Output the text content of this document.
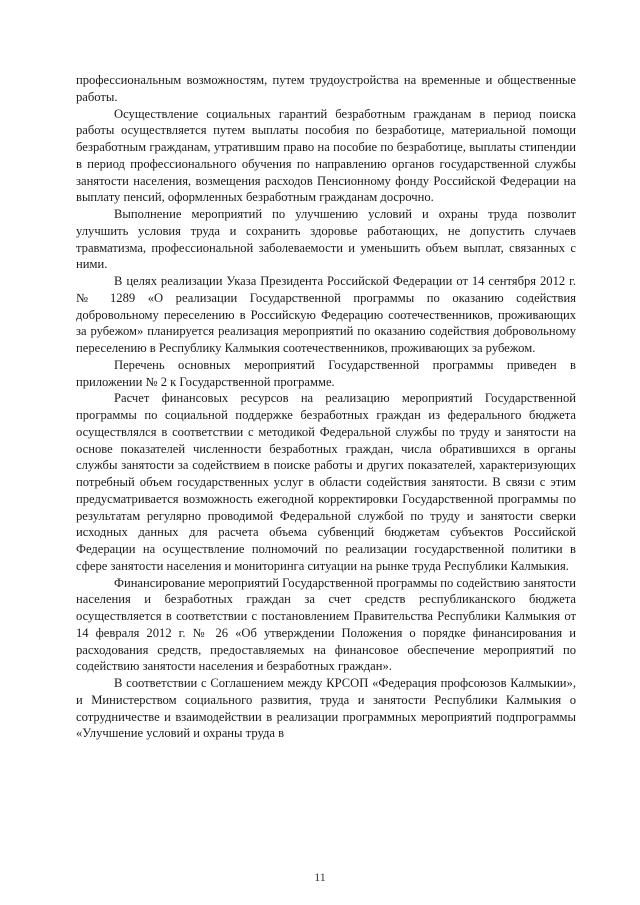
профессиональным возможностям, путем трудоустройства на временные и общественные работы.

Осуществление социальных гарантий безработным гражданам в период поиска работы осуществляется путем выплаты пособия по безработице, материальной помощи безработным гражданам, утратившим право на пособие по безработице, выплаты стипендии в период профессионального обучения по направлению органов государственной службы занятости населения, возмещения расходов Пенсионному фонду Российской Федерации на выплату пенсий, оформленных безработным гражданам досрочно.

Выполнение мероприятий по улучшению условий и охраны труда позволит улучшить условия труда и сохранить здоровье работающих, не допустить случаев травматизма, профессиональной заболеваемости и уменьшить объем выплат, связанных с ними.

В целях реализации Указа Президента Российской Федерации от 14 сентября 2012 г. № 1289 «О реализации Государственной программы по оказанию содействия добровольному переселению в Российскую Федерацию соотечественников, проживающих за рубежом» планируется реализация мероприятий по оказанию содействия добровольному переселению в Республику Калмыкия соотечественников, проживающих за рубежом.

Перечень основных мероприятий Государственной программы приведен в приложении № 2 к Государственной программе.

Расчет финансовых ресурсов на реализацию мероприятий Государственной программы по социальной поддержке безработных граждан из федерального бюджета осуществлялся в соответствии с методикой Федеральной службы по труду и занятости на основе показателей численности безработных граждан, числа обратившихся в органы службы занятости за содействием в поиске работы и других показателей, характеризующих потребный объем государственных услуг в области содействия занятости. В связи с этим предусматривается возможность ежегодной корректировки Государственной программы по результатам регулярно проводимой Федеральной службой по труду и занятости сверки исходных данных для расчета объема субвенций бюджетам субъектов Российской Федерации на осуществление полномочий по реализации государственной политики в сфере занятости населения и мониторинга ситуации на рынке труда Республики Калмыкия.

Финансирование мероприятий Государственной программы по содействию занятости населения и безработных граждан за счет средств республиканского бюджета осуществляется в соответствии с постановлением Правительства Республики Калмыкия от 14 февраля 2012 г. № 26 «Об утверждении Положения о порядке финансирования и расходования средств, предоставляемых на финансовое обеспечение мероприятий по содействию занятости населения и безработных граждан».

В соответствии с Соглашением между КРСОП «Федерация профсоюзов Калмыкии», и Министерством социального развития, труда и занятости Республики Калмыкия о сотрудничестве и взаимодействии в реализации программных мероприятий подпрограммы «Улучшение условий и охраны труда в

11
